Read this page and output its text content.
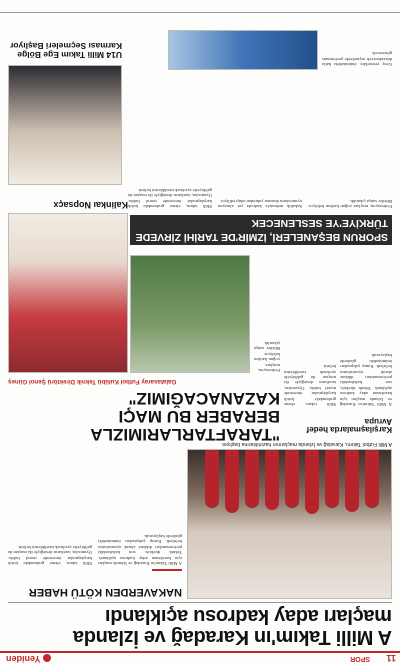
11
SPOR
Yeniden
A Milli Takım'ın Karadağ ve İzlanda maçları aday kadrosu açıklandı
A Milli Futbol Takımı, Karadağ ve İzlanda maçlarının hazırlıklarına başlıyor.
NAKAVERDEN KÖTÜ HABER
A Milli Takım'ın Karadağ ve İzlanda maçları için hazırlanan aday kadrosu açıklandı. Teknik direktör, son haftalardaki performansları dikkate alarak oyuncularını belirledi. Kamp çalışmaları önümüzdeki günlerde başlayacak.
Milli takım, eleme grubundaki kritik karşılaşmalar öncesinde moral buldu. Oyuncular, taraftarın desteğiyle iki maçtan da galibiyetle ayrılmak istediklerini belirtti.
"TARAFTARLARIMIZLA BERABER BU MAÇI KAZANACAĞIMIZ"
Galatasaray Futbol Kulübü Teknik Direktörü Şenol Güneş
Karşılaşmalarda hedef Avrupa
A Milli Takım'ın Karadağ ve İzlanda maçları için hazırlanan aday kadrosu açıklandı. Teknik direktör, son haftalardaki performansları dikkate alarak oyuncularını belirledi. Kamp çalışmaları önümüzdeki günlerde başlayacak.
Milli takım, eleme grubundaki kritik karşılaşmalar öncesinde moral buldu. Oyuncular, taraftarın desteğiyle iki maçtan da galibiyetle ayrılmak istediklerini belirtti.
Federasyon, maçlara yoğun katılım bekliyor. Biletler satışa çıkarıldı.
Kalinkaı Nopsaçx
SPORUN BEŞANELERİ, İZMİR'DE TARİHİ ZİRVEDE TÜRKİYE'YE SESLENECEK
Federasyon, maçlara yoğun katılım bekliyor. Biletler satışa çıkarıldı.
Sakatlık nedeniyle kadroda yer almayan oyuncuların durumu yakından takip ediliyor.
Milli takım, eleme grubundaki kritik karşılaşmalar öncesinde moral buldu. Oyuncular, taraftarın desteğiyle iki maçtan da galibiyetle ayrılmak istediklerini belirtti.
U14 Milli Takım Ege Bölge Karması Seçmeleri Başlıyor
Genç yetenekler, önümüzdeki hafta düzenlenecek seçmelerde performans gösterecek.
